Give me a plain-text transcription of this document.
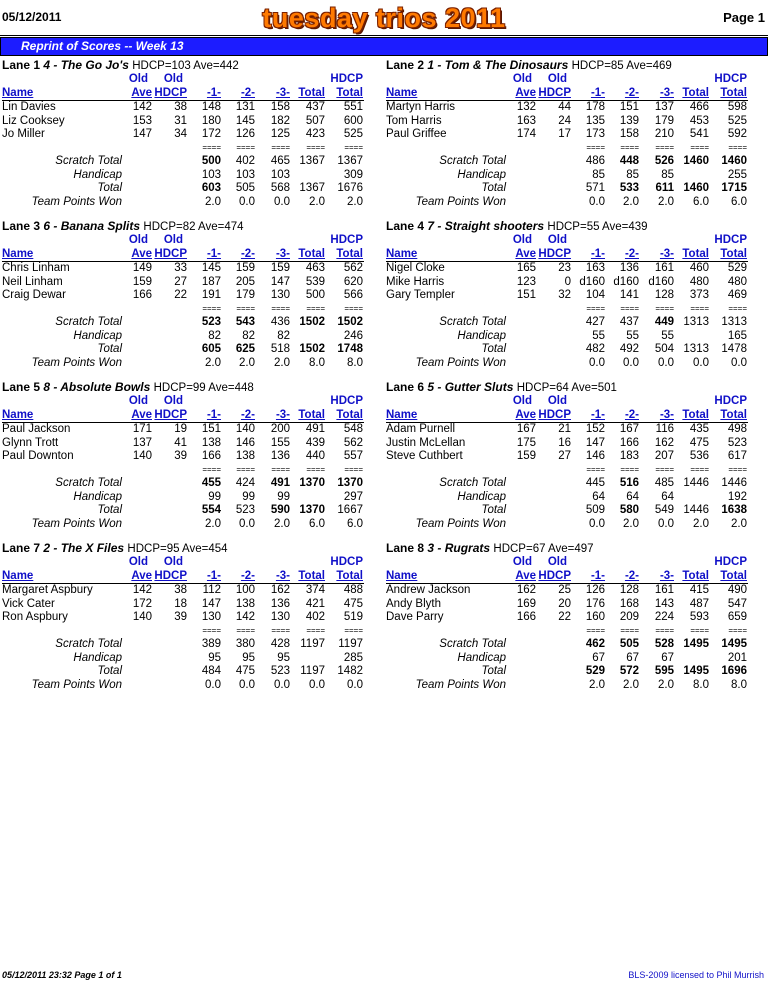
05/12/2011	tuesday trios 2011	Page 1
Reprint of Scores -- Week 13
Lane 1 4 - The Go Jo's HDCP=103 Ave=442
Old Old	HDCP
Name	Ave HDCP -1- -2- -3- Total Total
Lin Davies	142 38 148 131 158 437 551
Liz Cooksey	153 31 180 145 182 507 600
Jo Miller	147 34 172 126 125 423 525
==== ==== ==== ==== ====
Scratch Total	500 402 465 1367 1367
Handicap	103 103 103	309
Total	603 505 568 1367 1676
Team Points Won	2.0 0.0 0.0 2.0 2.0
Lane 2 1 - Tom & The Dinosaurs HDCP=85 Ave=469
Old Old	HDCP
Name	Ave HDCP -1- -2- -3- Total Total
Martyn Harris	132 44 178 151 137 466 598
Tom Harris	163 24 135 139 179 453 525
Paul Griffee	174 17 173 158 210 541 592
==== ==== ==== ==== ====
Scratch Total	486 448 526 1460 1460
Handicap	85 85 85	255
Total	571 533 611 1460 1715
Team Points Won	0.0 2.0 2.0 6.0 6.0
Lane 3 6 - Banana Splits HDCP=82 Ave=474
Old Old	HDCP
Name	Ave HDCP -1- -2- -3- Total Total
Chris Linham	149 33 145 159 159 463 562
Neil Linham	159 27 187 205 147 539 620
Craig Dewar	166 22 191 179 130 500 566
==== ==== ==== ==== ====
Scratch Total	523 543 436 1502 1502
Handicap	82 82 82	246
Total	605 625 518 1502 1748
Team Points Won	2.0 2.0 2.0 8.0 8.0
Lane 4 7 - Straight shooters HDCP=55 Ave=439
Old Old	HDCP
Name	Ave HDCP -1- -2- -3- Total Total
Nigel Cloke	165 23 163 136 161 460 529
Mike Harris	123 0 d160 d160 d160 480 480
Gary Templer	151 32 104 141 128 373 469
==== ==== ==== ==== ====
Scratch Total	427 437 449 1313 1313
Handicap	55 55 55	165
Total	482 492 504 1313 1478
Team Points Won	0.0 0.0 0.0 0.0 0.0
Lane 5 8 - Absolute Bowls HDCP=99 Ave=448
Old Old	HDCP
Name	Ave HDCP -1- -2- -3- Total Total
Paul Jackson	171 19 151 140 200 491 548
Glynn Trott	137 41 138 146 155 439 562
Paul Downton	140 39 166 138 136 440 557
==== ==== ==== ==== ====
Scratch Total	455 424 491 1370 1370
Handicap	99 99 99	297
Total	554 523 590 1370 1667
Team Points Won	2.0 0.0 2.0 6.0 6.0
Lane 6 5 - Gutter Sluts HDCP=64 Ave=501
Old Old	HDCP
Name	Ave HDCP -1- -2- -3- Total Total
Adam Purnell	167 21 152 167 116 435 498
Justin McLellan	175 16 147 166 162 475 523
Steve Cuthbert	159 27 146 183 207 536 617
==== ==== ==== ==== ====
Scratch Total	445 516 485 1446 1446
Handicap	64 64 64	192
Total	509 580 549 1446 1638
Team Points Won	0.0 2.0 0.0 2.0 2.0
Lane 7 2 - The X Files HDCP=95 Ave=454
Old Old	HDCP
Name	Ave HDCP -1- -2- -3- Total Total
Margaret Aspbury	142 38 112 100 162 374 488
Vick Cater	172 18 147 138 136 421 475
Ron Aspbury	140 39 130 142 130 402 519
==== ==== ==== ==== ====
Scratch Total	389 380 428 1197 1197
Handicap	95 95 95	285
Total	484 475 523 1197 1482
Team Points Won	0.0 0.0 0.0 0.0 0.0
Lane 8 3 - Rugrats HDCP=67 Ave=497
Old Old	HDCP
Name	Ave HDCP -1- -2- -3- Total Total
Andrew Jackson	162 25 126 128 161 415 490
Andy Blyth	169 20 176 168 143 487 547
Dave Parry	166 22 160 209 224 593 659
==== ==== ==== ==== ====
Scratch Total	462 505 528 1495 1495
Handicap	67 67 67	201
Total	529 572 595 1495 1696
Team Points Won	2.0 2.0 2.0 8.0 8.0
05/12/2011 23:32 Page 1 of 1	BLS-2009 licensed to Phil Murrish
